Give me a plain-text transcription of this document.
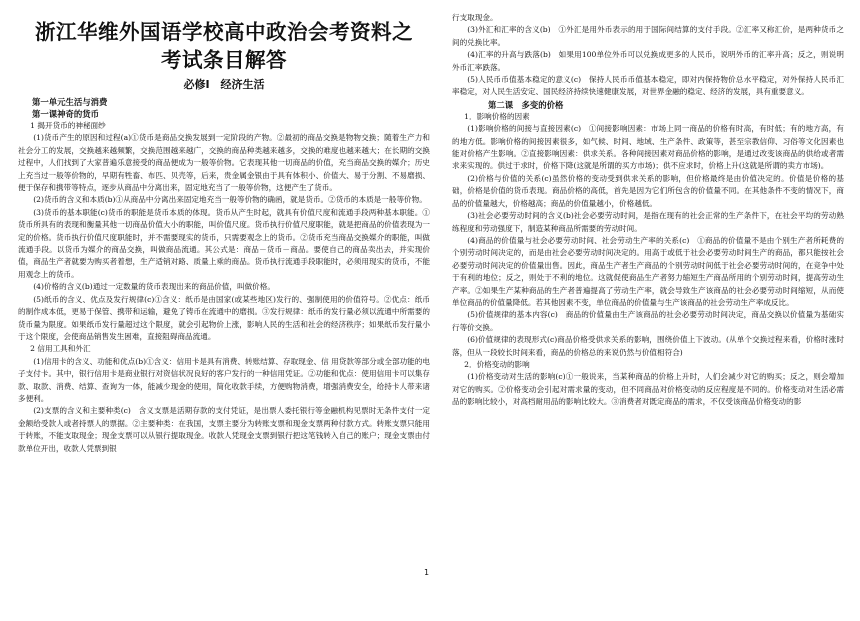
浙江华维外国语学校高中政治会考资料之
考试条目解答
必修Ⅰ　经济生活
第一单元生活与消费
第一课神奇的货币
1 揭开货币的神秘面纱

(1)货币产生的原因和过程(a)①货币是商品交换发展到一定阶段的产物。②最初的商品交换是物物交换；随着生产力和社会分工的发展，交换越来越频繁，交换范围越来越广，交换的商品种类越来越多，交换的难度也越来越大；在长期的交换过程中，人们找到了大家普遍乐意接受的商品便成为一般等价物。它表现其他一切商品的价值，充当商品交换的媒介；历史上充当过一般等价物的，早期有牲畜、布匹、贝壳等，后来，贵金属金银由于具有体积小、价值大、易于分割、不易磨损、便于保存和携带等特点，逐步从商品中分离出来，固定地充当了一般等价物，这便产生了货币。

(2)货币的含义和本质(b)①从商品中分离出来固定地充当一般等价物的确函，就是货币。②货币的本质是一般等价物。

(3)货币的基本职能(c)货币的职能是货币本质的体现。货币从产生时起，就具有价值尺度和流通手段两种基本职能。①货币所具有的表现和衡量其他一切商品价值大小的职能，叫价值尺度。货币执行价值尺度职能，就是把商品的价值表现为一定的价格。货币执行价值尺度职能时，并不需要现实的货币，只需要观念上的货币。②货币充当商品交换媒介的职能，叫做流通手段。以货币为媒介的商品交换，叫做商品流通。其公式是：商品－货币－商品。要使自己的商品卖出去，并实现价值，商品生产者就要为购买者着想，生产适销对路、质量上乘的商品。货币执行流通手段职能时，必须用现实的货币，不能用观念上的货币。

(4)价格的含义(b)通过一定数量的货币表现出来的商品价值，叫做价格。

(5)纸币的含义、优点及发行规律(c)①含义：纸币是由国家(或某些地区)发行的、强制使用的价值符号。②优点：纸币的制作成本低，更易于保管、携带和运输，避免了铸币在流通中的磨损。③发行规律：纸币的发行量必须以流通中所需要的货币量为限度。如果纸币发行量超过这个限度，就会引起物价上涨，影响人民的生活和社会的经济秩序；如果纸币发行量小于这个限度，会使商品销售发生困难，直接阻碍商品流通。

2 信用工具和外汇

(1)信用卡的含义、功能和优点(b)①含义：信用卡是具有消费、转账结算、存取现金、信 用贷款等部分或全部功能的电子支付卡。其中，银行信用卡是商业银行对资信状况良好的客户发行的一种信用凭证。②功能和优点：使用信用卡可以集存款、取款、消费、结算、查询为一体，能减少现金的使用，简化收款手续，方便购物消费，增强消费安全，给持卡人带来诸多便利。

(2)支票的含义和主要种类(c)　含义支票是活期存款的支付凭证，是出票人委托银行等金融机构见票时无条件支付一定金额给受款人或者持票人的票据。②主要种类：在我国，支票主要分为转账支票和现金支票两种付款方式。转账支票只能用于转账，不能支取现金；现金支票可以从银行提取现金。收款人凭现金支票到银行把这笔钱转入自己的账户；现金支票由付款单位开出，收款人凭票到银

行支取现金。

(3)外汇和汇率的含义(b)　①外汇是用外币表示的用于国际间结算的支付手段。②汇率又称汇价，是两种货币之间的兑换比率。

(4)汇率的升高与跌落(b)　如果用100单位外币可以兑换成更多的人民币，说明外币的汇率升高；反之，则说明外币汇率跌落。

(5)人民币币值基本稳定的意义(c)　保持人民币币值基本稳定，即对内保持物价总水平稳定，对外保持人民币汇率稳定，对人民生活安定、国民经济持续快速健康发展，对世界金融的稳定、经济的发展，具有重要意义。

第二课　多变的价格
1．影响价格的因素

(1)影响价格的间接与直接因素(c)　①间接影响因素：市场上同一商品的价格有时高，有时低；有的地方高，有的地方低。影响价格的间接因素很多，如气候、时间、地域、生产条件、政策等，甚至宗教信仰、习俗等文化因素也能对价格产生影响。②直接影响因素：供求关系。各种间接因素对商品价格的影响，是通过改变该商品的供给或者需求来实现的。供过于求时，价格下降(这就是所谓的买方市场)；供不应求时，价格上升(这就是所谓的卖方市场)。

(2)价格与价值的关系(c)虽然价格的变动受到供求关系的影响，但价格最终是由价值决定的。价值是价格的基础，价格是价值的货币表现。商品价格的高低，首先是因为它们所包含的价值量不同。在其他条件不变的情况下，商品的价值量越大，价格越高；商品的价值量越小，价格越低。

(3)社会必要劳动时间的含义(b)社会必要劳动时间，是指在现有的社会正常的生产条件下，在社会平均的劳动熟练程度和劳动强度下，制造某种商品所需要的劳动时间。

(4)商品的价值量与社会必要劳动时间、社会劳动生产率的关系(c)　①商品的价值量不是由个别生产者所耗费的个别劳动时间决定的，而是由社会必要劳动时间决定的。用高于或低于社会必要劳动时间生产的商品，都只能按社会必要劳动时间决定的价值量出售。因此，商品生产者生产商品的个别劳动时间低于社会必要劳动时间的，在竞争中处于有利的地位；反之，则处于不利的地位。这就促使商品生产者努力缩短生产商品所用的个别劳动时间，提高劳动生产率。②如果生产某种商品的生产者普遍提高了劳动生产率，就会导致生产该商品的社会必要劳动时间缩短，从而使单位商品的价值量降低。若其他因素不变，单位商品的价值量与生产该商品的社会劳动生产率成反比。

(5)价值规律的基本内容(c)　商品的价值量由生产该商品的社会必要劳动时间决定，商品交换以价值量为基础实行等价交换。

(6)价值规律的表现形式(c)商品价格受供求关系的影响，围绕价值上下波动。(从单个交换过程来看，价格时涨时落，但从一段较长时间来看，商品的价格总的来说仍然与价值相符合)

2．价格变动的影响

(1)价格变动对生活的影响(c)①一般说来，当某种商品的价格上升时，人们会减少对它的购买；反之，则会增加对它的购买。②价格变动会引起对需求量的变动，但不同商品对价格变动的反应程度是不同的。价格变动对生活必需品的影响比较小，对高档耐用品的影响比较大。③消费者对既定商品的需求，不仅受该商品价格变动的影

1
